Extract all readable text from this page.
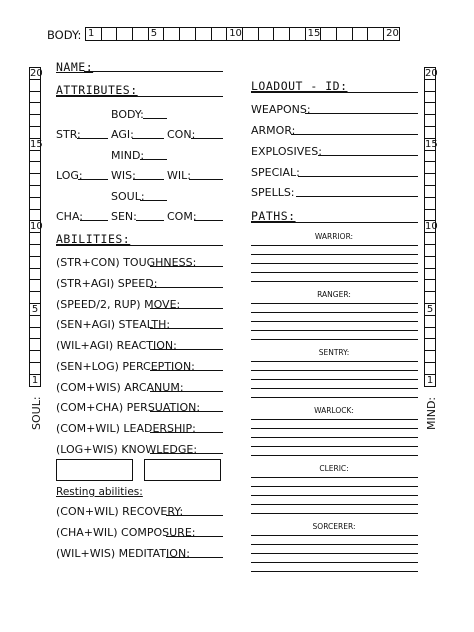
BODY: 1	5	10	15	20
20
15
10
5
1
SOUL:
20
15
10
5
1
MIND:
NAME:
ATTRIBUTES:
BODY:
STR:	AGI:	CON:
MIND:
LOG:	WIS:	WIL:
SOUL:
CHA:	SEN:	COM:
ABILITIES:
(STR+CON) TOUGHNESS:
(STR+AGI) SPEED:
(SPEED/2, RUP) MOVE:
(SEN+AGI) STEALTH:
(WIL+AGI) REACTION:
(SEN+LOG) PERCEPTION:
(COM+WIS) ARCANUM:
(COM+CHA) PERSUATION:
(COM+WIL) LEADERSHIP:
(LOG+WIS) KNOWLEDGE:
Resting abilities:
(CON+WIL) RECOVERY:
(CHA+WIL) COMPOSURE:
(WIL+WIS) MEDITATION:
LOADOUT - ID:
WEAPONS:
ARMOR:
EXPLOSIVES:
SPECIAL:
SPELLS:
PATHS:
WARRIOR:
RANGER:
SENTRY:
WARLOCK:
CLERIC:
SORCERER:
